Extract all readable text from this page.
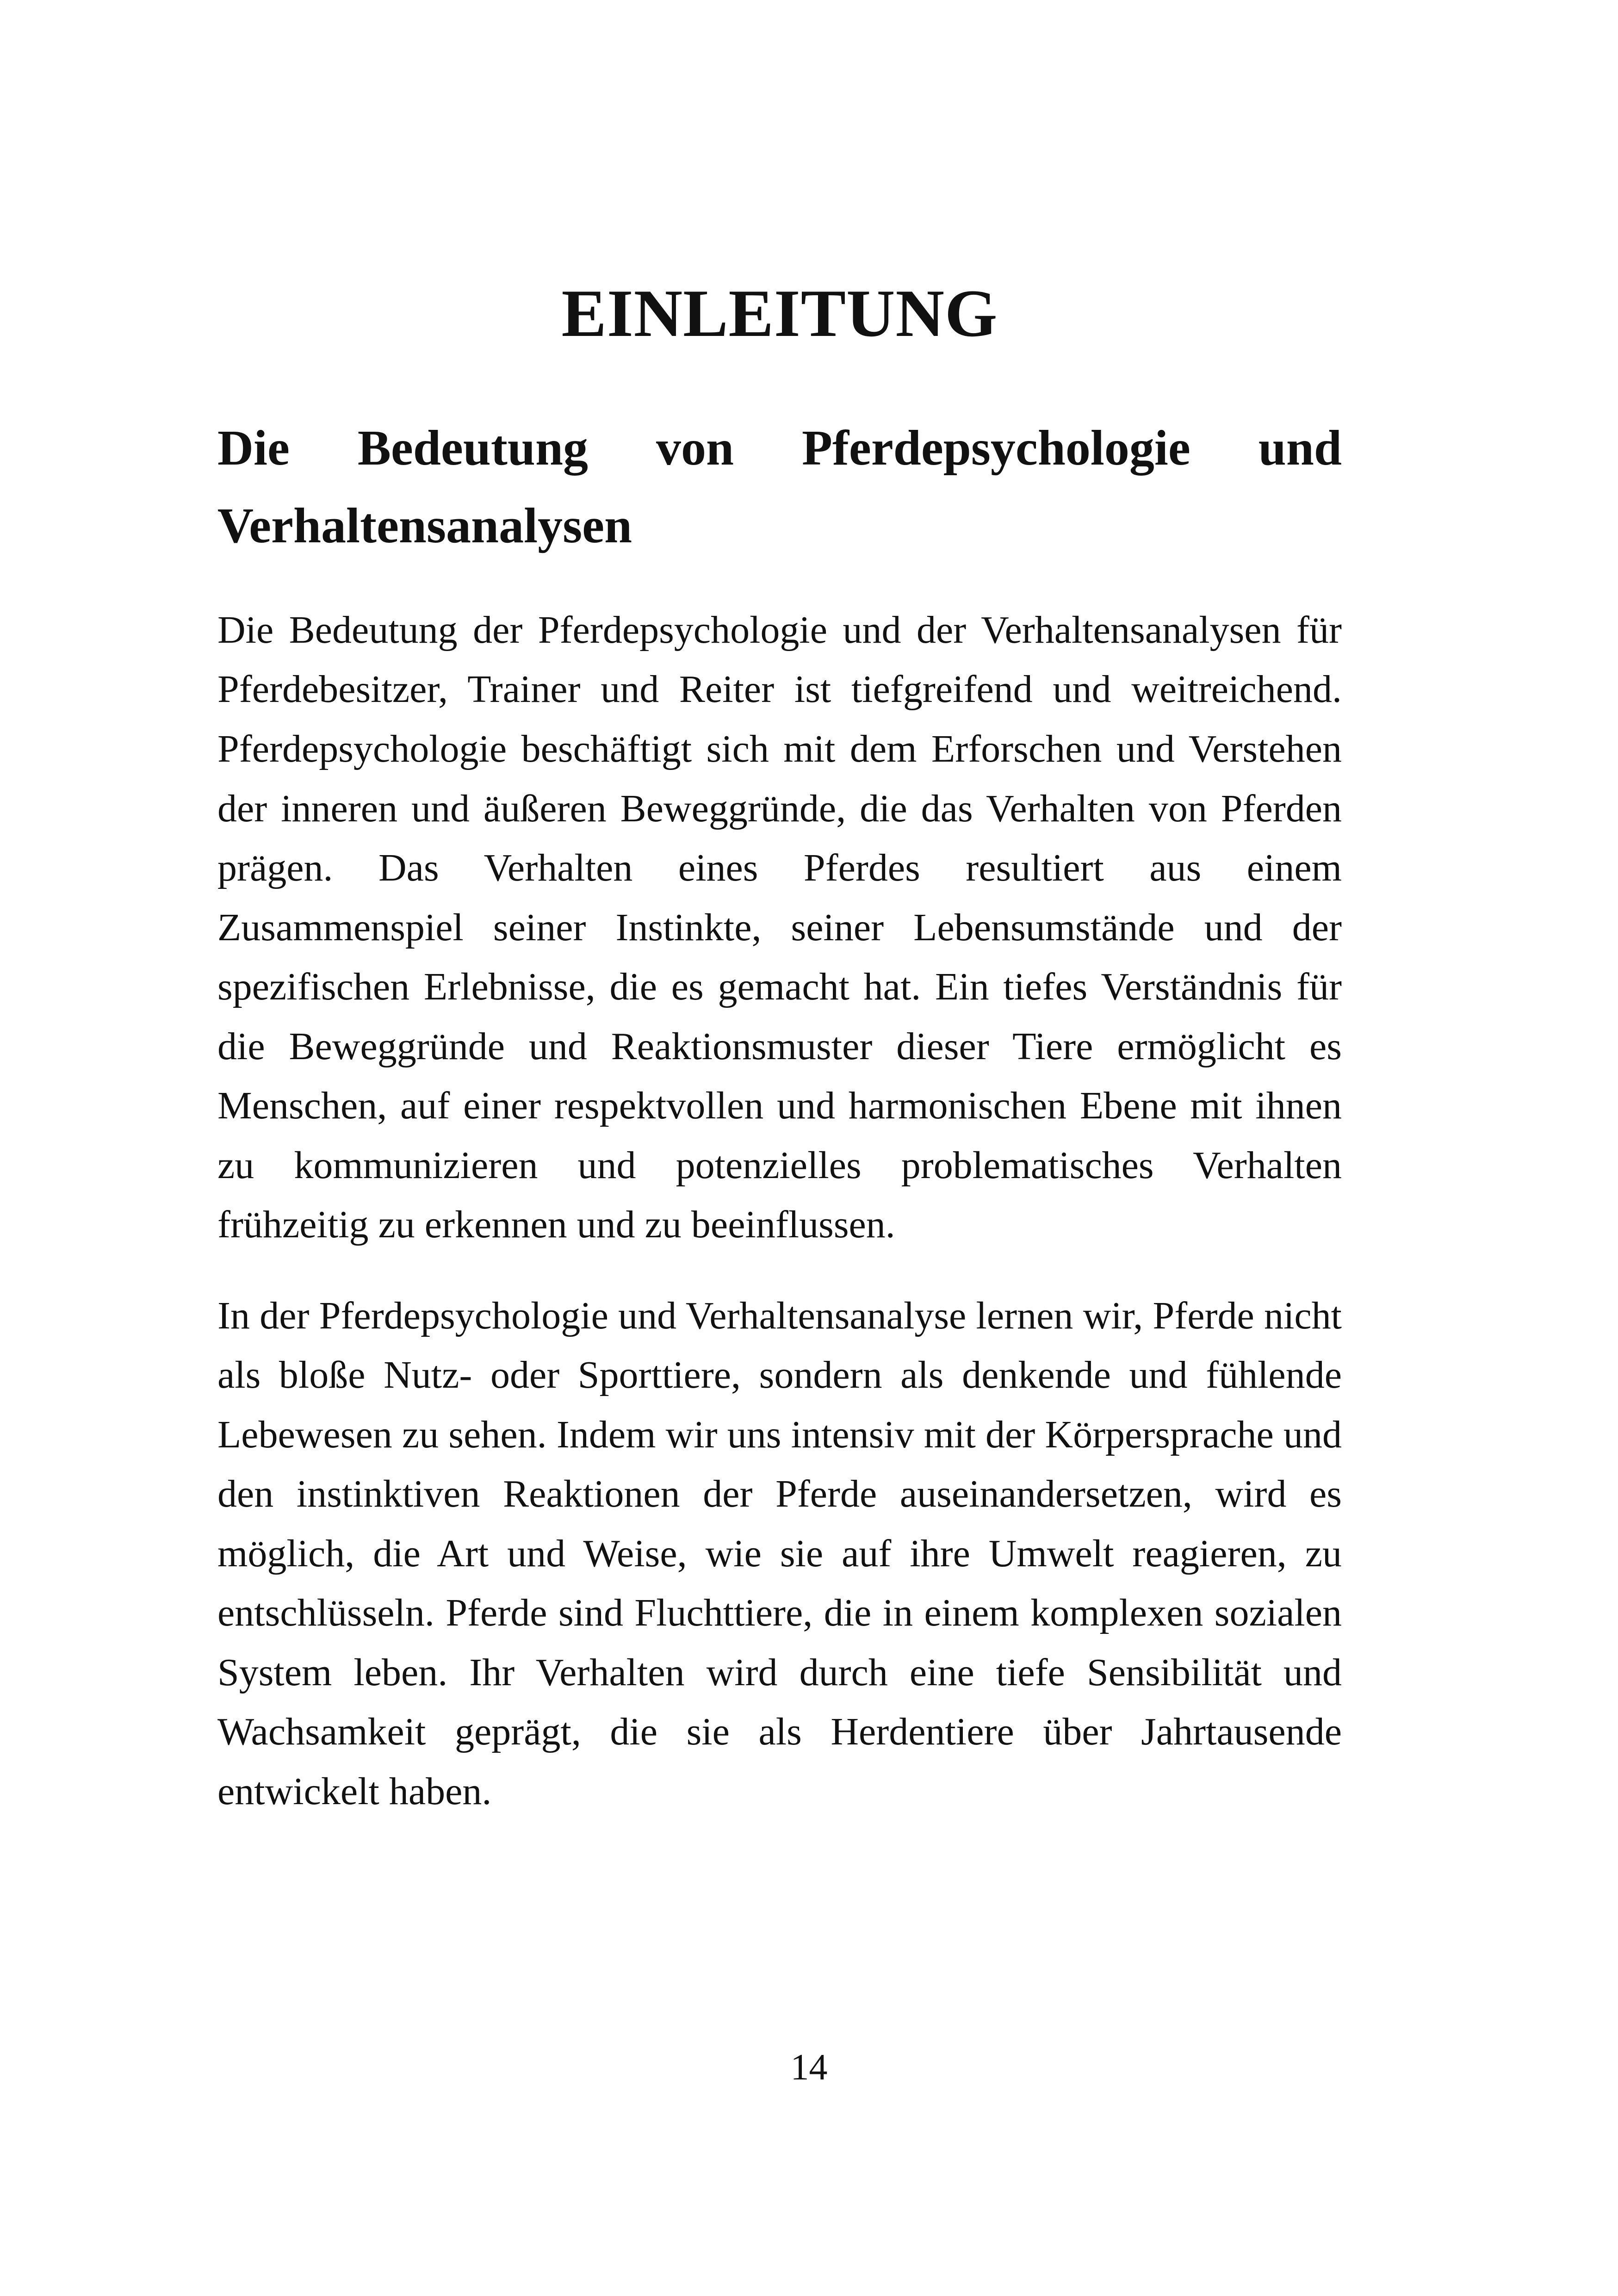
EINLEITUNG
Die Bedeutung von Pferdepsychologie und Verhaltensanalysen

Die Bedeutung der Pferdepsychologie und der Verhaltensanalysen für Pferdebesitzer, Trainer und Reiter ist tiefgreifend und weitreichend. Pferdepsychologie beschäftigt sich mit dem Erforschen und Verstehen der inneren und äußeren Beweggründe, die das Verhalten von Pferden prägen. Das Verhalten eines Pferdes resultiert aus einem Zusammenspiel seiner Instinkte, seiner Lebensumstände und der spezifischen Erlebnisse, die es gemacht hat. Ein tiefes Verständnis für die Beweggründe und Reaktionsmuster dieser Tiere ermöglicht es Menschen, auf einer respektvollen und harmonischen Ebene mit ihnen zu kommunizieren und potenzielles problematisches Verhalten frühzeitig zu erkennen und zu beeinflussen.

In der Pferdepsychologie und Verhaltensanalyse lernen wir, Pferde nicht als bloße Nutz- oder Sporttiere, sondern als denkende und fühlende Lebewesen zu sehen. Indem wir uns intensiv mit der Körpersprache und den instinktiven Reaktionen der Pferde auseinandersetzen, wird es möglich, die Art und Weise, wie sie auf ihre Umwelt reagieren, zu entschlüsseln. Pferde sind Fluchttiere, die in einem komplexen sozialen System leben. Ihr Verhalten wird durch eine tiefe Sensibilität und Wachsamkeit geprägt, die sie als Herdentiere über Jahrtausende entwickelt haben.

14
